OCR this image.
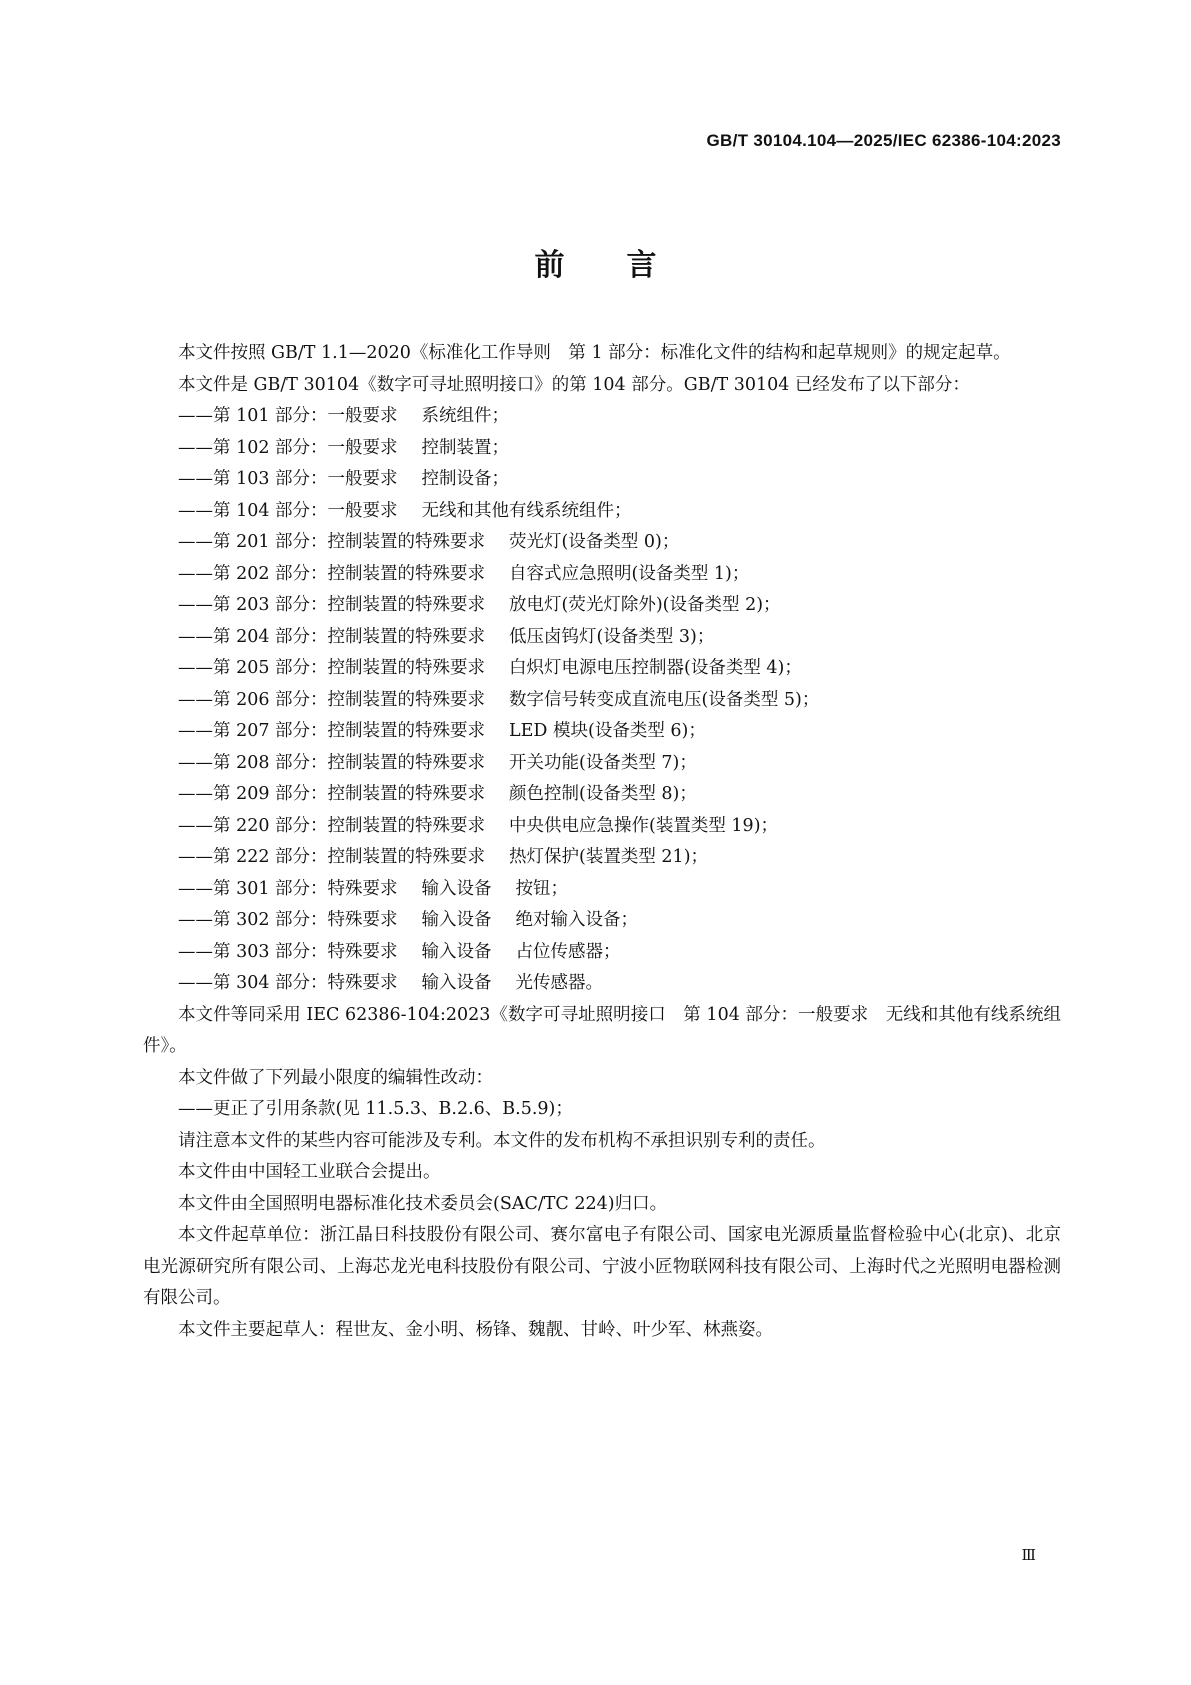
GB/T 30104.104—2025/IEC 62386-104:2023
前 言

本文件按照 GB/T 1.1—2020《标准化工作导则　第 1 部分：标准化文件的结构和起草规则》的规定起草。

本文件是 GB/T 30104《数字可寻址照明接口》的第 104 部分。GB/T 30104 已经发布了以下部分：

——第 101 部分：一般要求 系统组件；

——第 102 部分：一般要求 控制装置；

——第 103 部分：一般要求 控制设备；

——第 104 部分：一般要求 无线和其他有线系统组件；

——第 201 部分：控制装置的特殊要求 荧光灯(设备类型 0)；

——第 202 部分：控制装置的特殊要求 自容式应急照明(设备类型 1)；

——第 203 部分：控制装置的特殊要求 放电灯(荧光灯除外)(设备类型 2)；

——第 204 部分：控制装置的特殊要求 低压卤钨灯(设备类型 3)；

——第 205 部分：控制装置的特殊要求 白炽灯电源电压控制器(设备类型 4)；

——第 206 部分：控制装置的特殊要求 数字信号转变成直流电压(设备类型 5)；

——第 207 部分：控制装置的特殊要求 LED 模块(设备类型 6)；

——第 208 部分：控制装置的特殊要求 开关功能(设备类型 7)；

——第 209 部分：控制装置的特殊要求 颜色控制(设备类型 8)；

——第 220 部分：控制装置的特殊要求 中央供电应急操作(装置类型 19)；

——第 222 部分：控制装置的特殊要求 热灯保护(装置类型 21)；

——第 301 部分：特殊要求 输入设备 按钮；

——第 302 部分：特殊要求 输入设备 绝对输入设备；

——第 303 部分：特殊要求 输入设备 占位传感器；

——第 304 部分：特殊要求 输入设备 光传感器。

本文件等同采用 IEC 62386-104:2023《数字可寻址照明接口　第 104 部分：一般要求　无线和其他有线系统组件》。

本文件做了下列最小限度的编辑性改动：

——更正了引用条款(见 11.5.3、B.2.6、B.5.9)；

请注意本文件的某些内容可能涉及专利。本文件的发布机构不承担识别专利的责任。

本文件由中国轻工业联合会提出。

本文件由全国照明电器标准化技术委员会(SAC/TC 224)归口。

本文件起草单位：浙江晶日科技股份有限公司、赛尔富电子有限公司、国家电光源质量监督检验中心(北京)、北京电光源研究所有限公司、上海芯龙光电科技股份有限公司、宁波小匠物联网科技有限公司、上海时代之光照明电器检测有限公司。

本文件主要起草人：程世友、金小明、杨锋、魏靓、甘岭、叶少军、林燕姿。

Ⅲ
